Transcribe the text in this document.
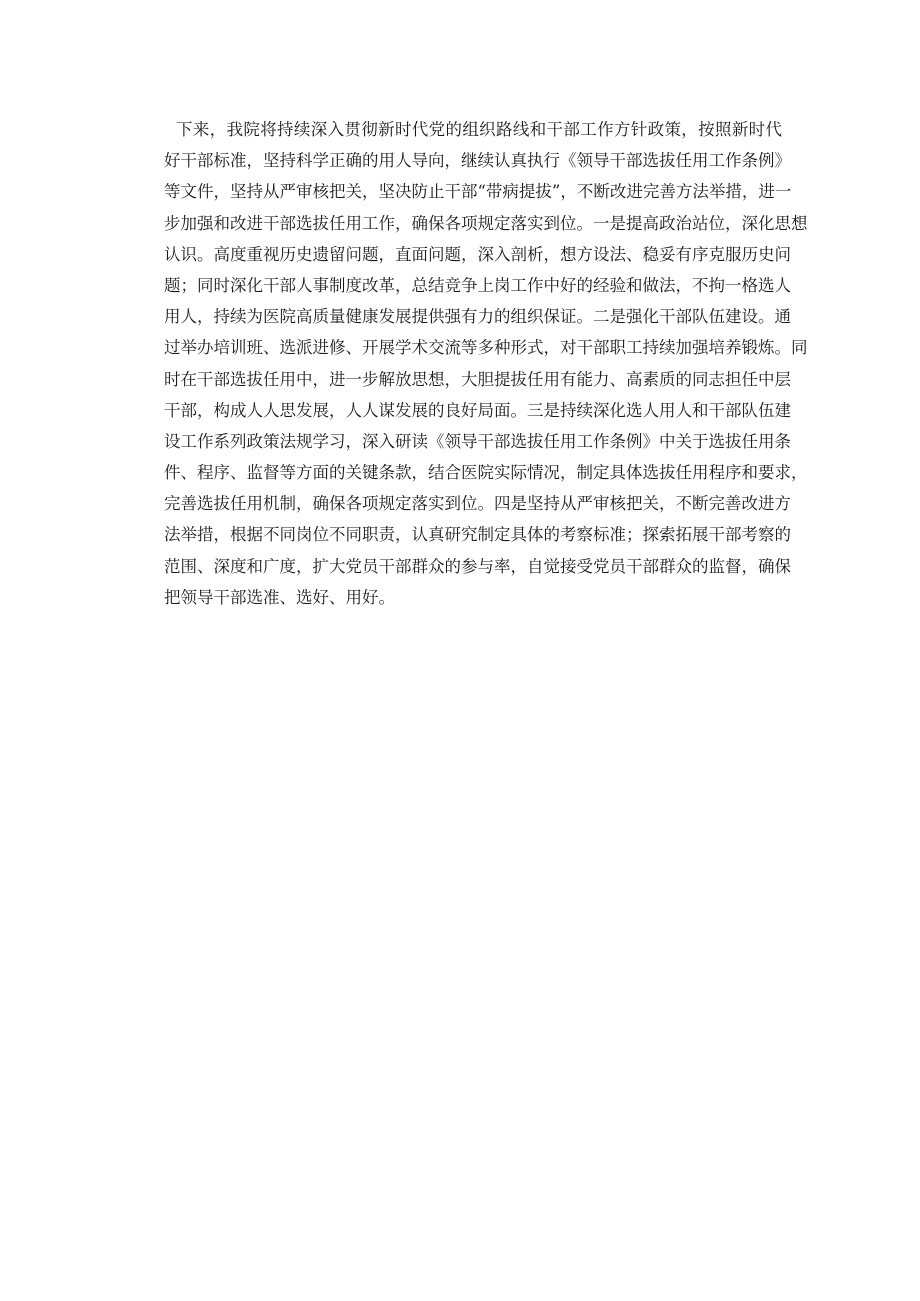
下来，我院将持续深入贯彻新时代党的组织路线和干部工作方针政策，按照新时代
好干部标准，坚持科学正确的用人导向，继续认真执行《领导干部选拔任用工作条例》
等文件，坚持从严审核把关，坚决防止干部“带病提拔”，不断改进完善方法举措，进一
步加强和改进干部选拔任用工作，确保各项规定落实到位。一是提高政治站位，深化思想
认识。高度重视历史遗留问题，直面问题，深入剖析，想方设法、稳妥有序克服历史问
题；同时深化干部人事制度改革，总结竞争上岗工作中好的经验和做法，不拘一格选人
用人，持续为医院高质量健康发展提供强有力的组织保证。二是强化干部队伍建设。通
过举办培训班、选派进修、开展学术交流等多种形式，对干部职工持续加强培养锻炼。同
时在干部选拔任用中，进一步解放思想，大胆提拔任用有能力、高素质的同志担任中层
干部，构成人人思发展，人人谋发展的良好局面。三是持续深化选人用人和干部队伍建
设工作系列政策法规学习，深入研读《领导干部选拔任用工作条例》中关于选拔任用条
件、程序、监督等方面的关键条款，结合医院实际情况，制定具体选拔任用程序和要求，
完善选拔任用机制，确保各项规定落实到位。四是坚持从严审核把关，不断完善改进方
法举措，根据不同岗位不同职责，认真研究制定具体的考察标准；探索拓展干部考察的
范围、深度和广度，扩大党员干部群众的参与率，自觉接受党员干部群众的监督，确保
把领导干部选准、选好、用好。
